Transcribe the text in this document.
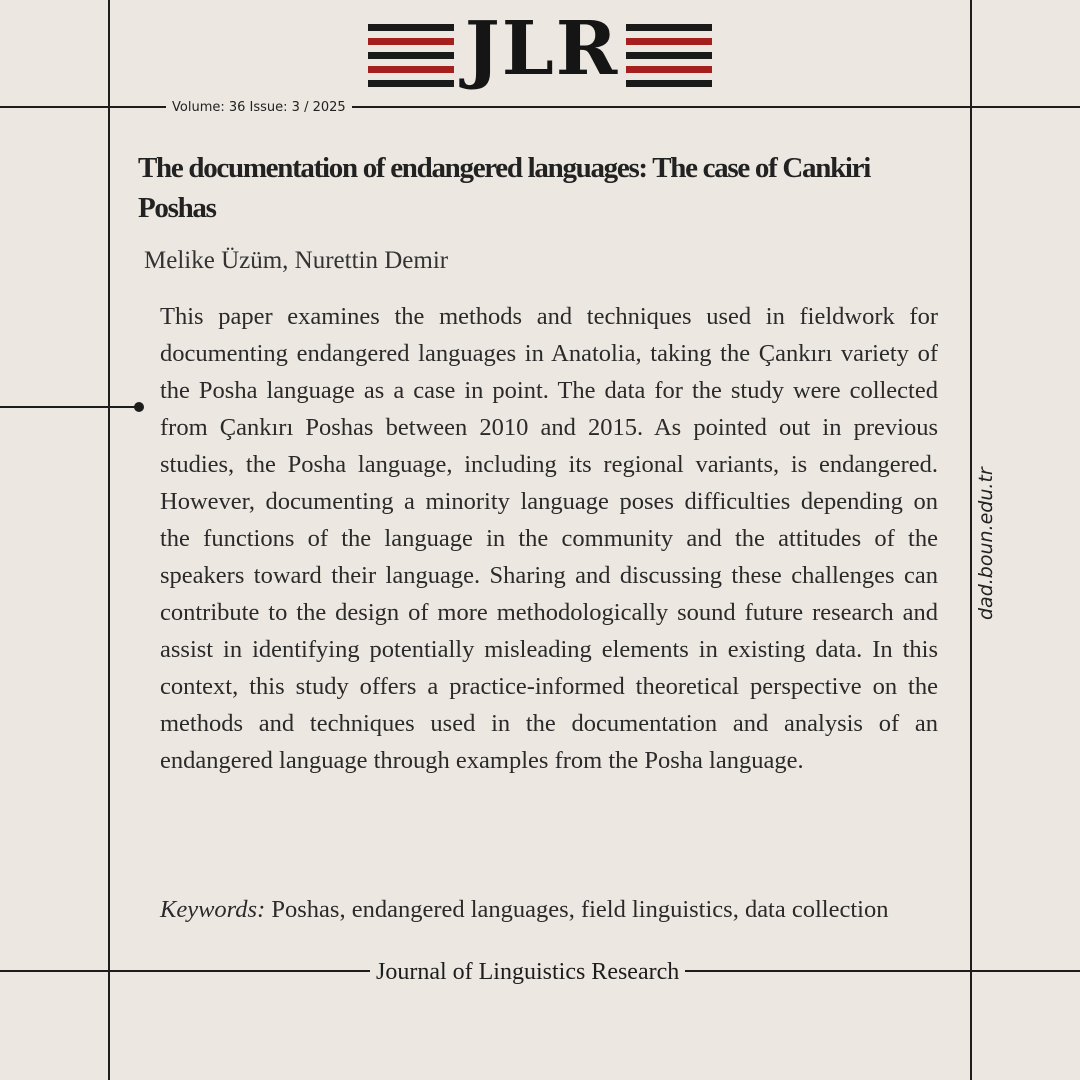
JLR
Volume: 36 Issue: 3 / 2025
The documentation of endangered languages: The case of Cankiri Poshas
Melike Üzüm, Nurettin Demir

This paper examines the methods and techniques used in fieldwork for documenting endangered languages in Anatolia, taking the Çankırı variety of the Posha language as a case in point. The data for the study were collected from Çankırı Poshas between 2010 and 2015. As pointed out in previous studies, the Posha language, including its regional variants, is endangered. However, documenting a minority language poses difficulties depending on the functions of the language in the community and the attitudes of the speakers toward their language. Sharing and discussing these challenges can contribute to the design of more methodologically sound future research and assist in identifying potentially misleading elements in existing data. In this context, this study offers a practice-informed theoretical perspective on the methods and techniques used in the documentation and analysis of an endangered language through examples from the Posha language.

Keywords: Poshas, endangered languages, field linguistics, data collection

dad.boun.edu.tr
Journal of Linguistics Research
